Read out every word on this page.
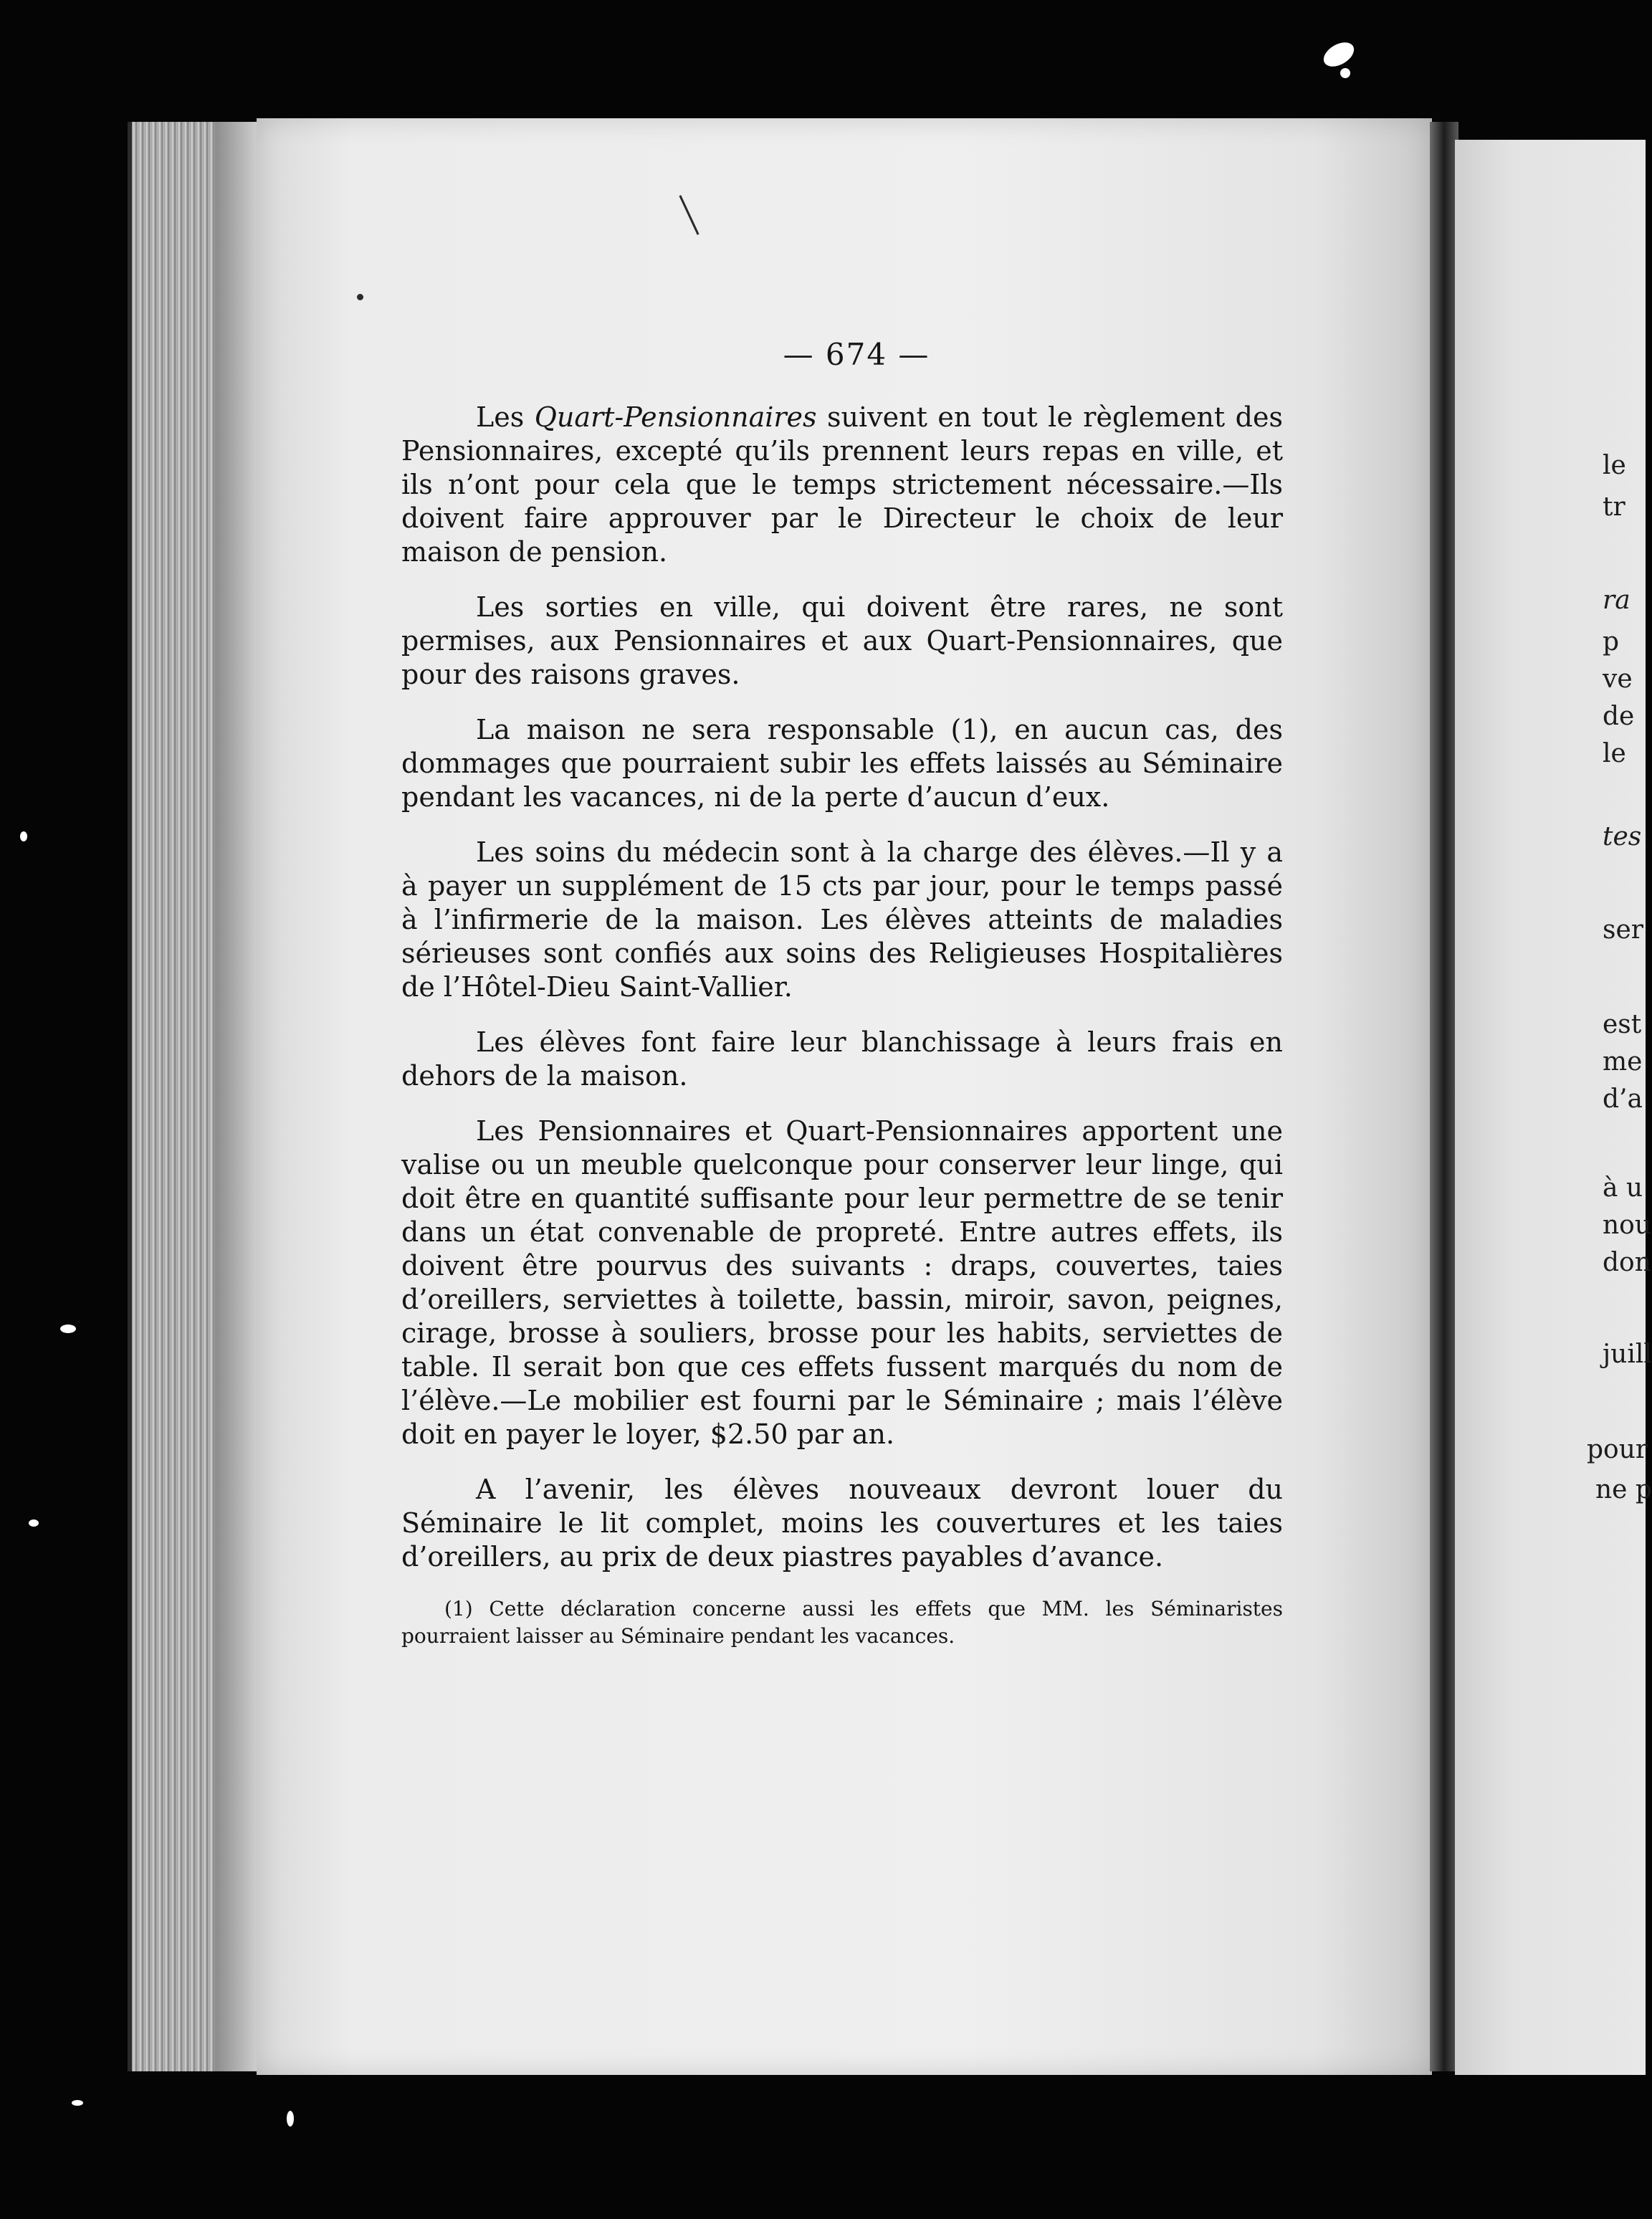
le
tr
ra
p
ve
de
le
tes
ser
est
me
d’a
à u
nou
don
juill
pour
ne p
— 674 —

Les Quart-Pensionnaires suivent en tout le règlement des Pensionnaires, excepté qu’ils prennent leurs repas en ville, et ils n’ont pour cela que le temps strictement nécessaire.—Ils doivent faire approuver par le Directeur le choix de leur maison de pension.

Les sorties en ville, qui doivent être rares, ne sont permises, aux Pensionnaires et aux Quart-Pensionnaires, que pour des raisons graves.

La maison ne sera responsable (1), en aucun cas, des dommages que pourraient subir les effets laissés au Séminaire pendant les vacances, ni de la perte d’aucun d’eux.

Les soins du médecin sont à la charge des élèves.—Il y a à payer un supplément de 15 cts par jour, pour le temps passé à l’infirmerie de la maison. Les élèves atteints de maladies sérieuses sont confiés aux soins des Religieuses Hospitalières de l’Hôtel-Dieu Saint-Vallier.

Les élèves font faire leur blanchissage à leurs frais en dehors de la maison.

Les Pensionnaires et Quart-Pensionnaires apportent une valise ou un meuble quelconque pour conserver leur linge, qui doit être en quantité suffisante pour leur permettre de se tenir dans un état convenable de propreté. Entre autres effets, ils doivent être pourvus des suivants : draps, couvertes, taies d’oreillers, serviettes à toilette, bassin, miroir, savon, peignes, cirage, brosse à souliers, brosse pour les habits, serviettes de table. Il serait bon que ces effets fussent marqués du nom de l’élève.—Le mobilier est fourni par le Séminaire ; mais l’élève doit en payer le loyer, $2.50 par an.

A l’avenir, les élèves nouveaux devront louer du Séminaire le lit complet, moins les couvertures et les taies d’oreillers, au prix de deux piastres payables d’avance.

(1) Cette déclaration concerne aussi les effets que MM. les Séminaristes pourraient laisser au Séminaire pendant les vacances.
